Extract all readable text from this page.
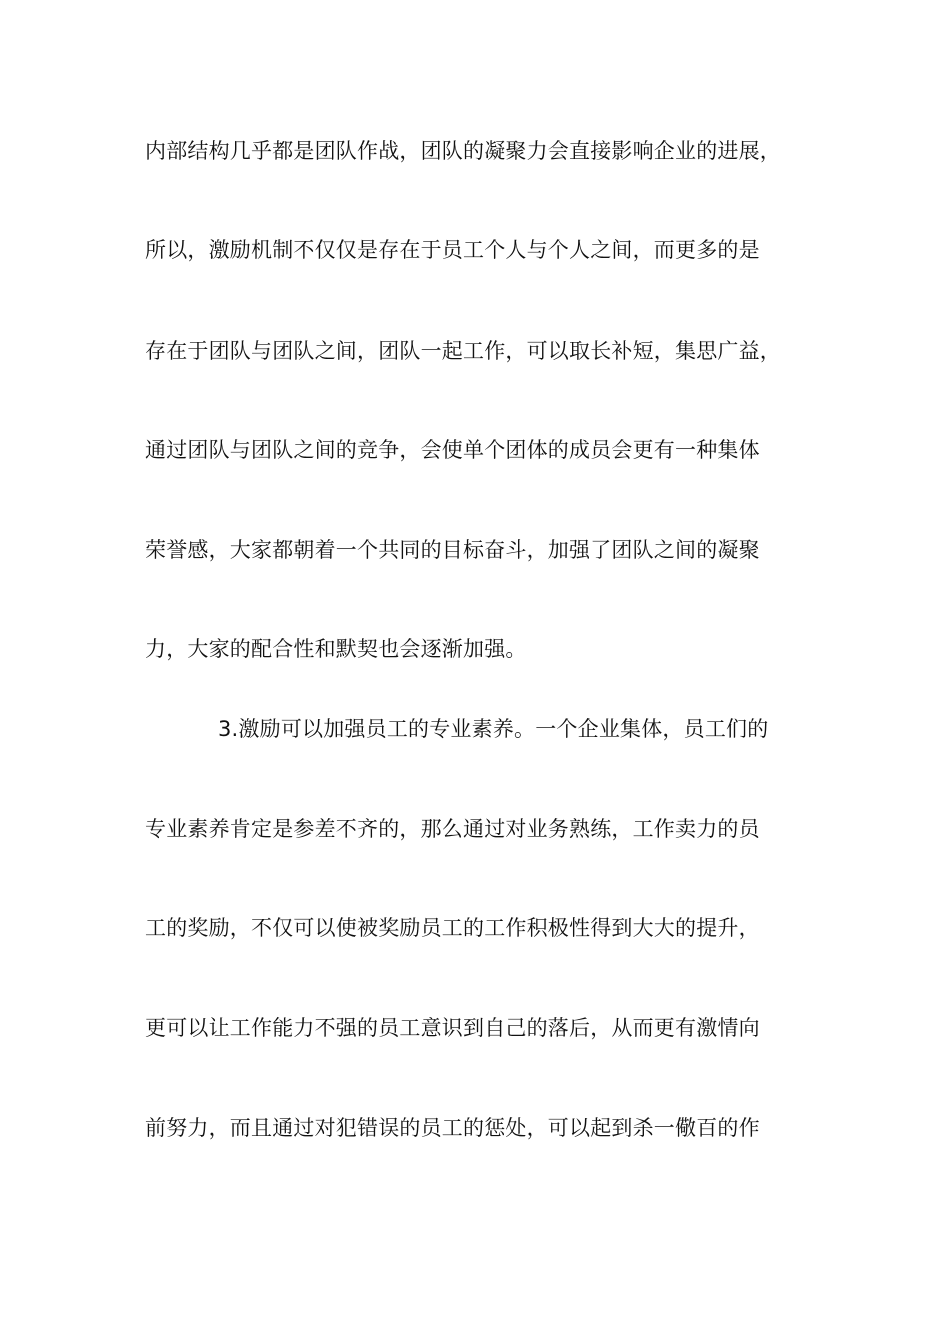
内部结构几乎都是团队作战，团队的凝聚力会直接影响企业的进展，
所以，激励机制不仅仅是存在于员工个人与个人之间，而更多的是
存在于团队与团队之间，团队一起工作，可以取长补短，集思广益，
通过团队与团队之间的竞争，会使单个团体的成员会更有一种集体
荣誉感，大家都朝着一个共同的目标奋斗，加强了团队之间的凝聚
力，大家的配合性和默契也会逐渐加强。
3.激励可以加强员工的专业素养。一个企业集体，员工们的
专业素养肯定是参差不齐的，那么通过对业务熟练，工作卖力的员
工的奖励，不仅可以使被奖励员工的工作积极性得到大大的提升，
更可以让工作能力不强的员工意识到自己的落后，从而更有激情向
前努力，而且通过对犯错误的员工的惩处，可以起到杀一儆百的作
